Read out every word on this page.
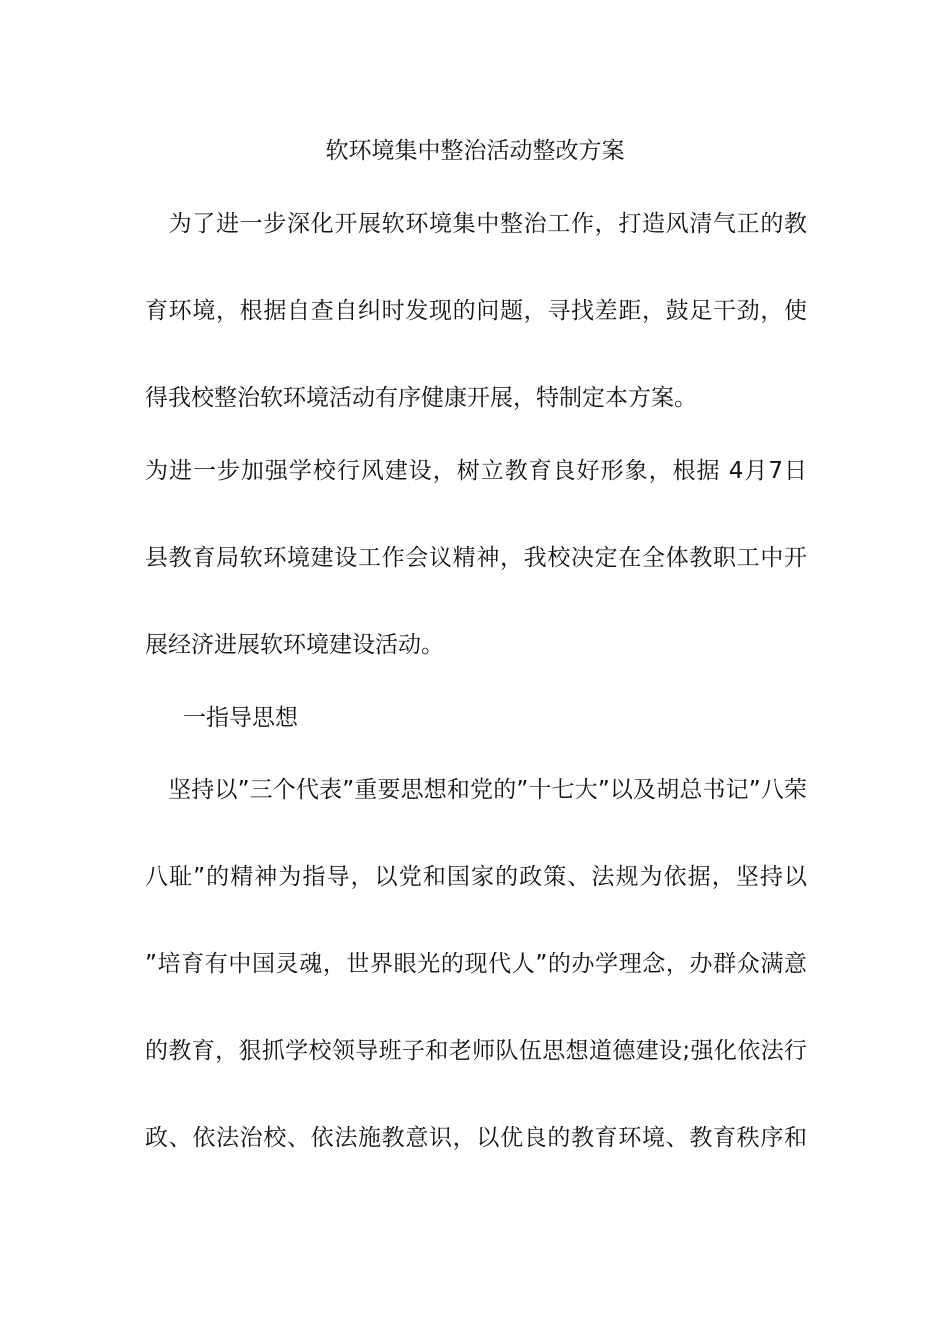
软环境集中整治活动整改方案
　为了进一步深化开展软环境集中整治工作，打造风清气正的教
育环境，根据自查自纠时发现的问题，寻找差距，鼓足干劲，使
得我校整治软环境活动有序健康开展，特制定本方案。
为进一步加强学校行风建设，树立教育良好形象，根据 4月7日
县教育局软环境建设工作会议精神，我校决定在全体教职工中开
展经济进展软环境建设活动。
一指导思想
　坚持以”三个代表”重要思想和党的”十七大”以及胡总书记”八荣
八耻”的精神为指导，以党和国家的政策、法规为依据，坚持以
”培育有中国灵魂，世界眼光的现代人”的办学理念，办群众满意
的教育，狠抓学校领导班子和老师队伍思想道德建设;强化依法行
政、依法治校、依法施教意识，以优良的教育环境、教育秩序和
